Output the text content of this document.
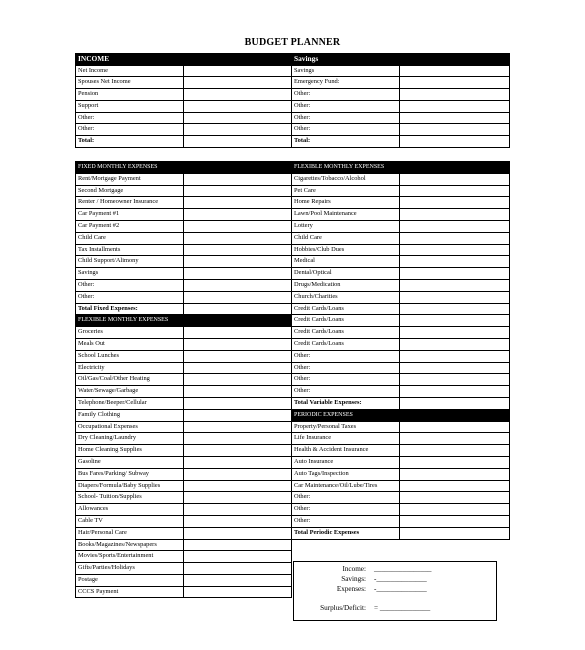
BUDGET PLANNER
INCOME		Savings	
Net Income		Savings	
Spouses Net Income		Emergency Fund:	
Pension		Other:	
Support		Other:	
Other:		Other:	
Other:		Other:	
Total:		Total:	
FIXED MONTHLY EXPENSES	
Rent/Mortgage Payment	
Second Mortgage	
Renter / Homeowner Insurance	
Car Payment #1	
Car Payment #2	
Child Care	
Tax Installments	
Child Support/Alimony	
Savings	
Other:	
Other:	
Total Fixed Expenses:	
FLEXIBLE MONTHLY EXPENSES	
Groceries	
Meals Out	
School Lunches	
Electricity	
Oil/Gas/Coal/Other Heating	
Water/Sewage/Garbage	
Telephone/Beeper/Cellular	
Family Clothing	
Occupational Expenses	
Dry Cleaning/Laundry	
Home Cleaning Supplies	
Gasoline	
Bus Fares/Parking/ Subway	
Diapers/Formula/Baby Supplies	
School- Tuition/Supplies	
Allowances	
Cable TV	
Hair/Personal Care	
Books/Magazines/Newspapers	
Movies/Sports/Entertainment	
Gifts/Parties/Holidays	
Postage	
CCCS Payment	
FLEXIBLE MONTHLY EXPENSES	
Cigarettes/Tobacco/Alcohol	
Pet Care	
Home Repairs	
Lawn/Pool Maintenance	
Lottery	
Child Care	
Hobbies/Club Dues	
Medical	
Dental/Optical	
Drugs/Medication	
Church/Charities	
Credit Cards/Loans	
Credit Cards/Loans	
Credit Cards/Loans	
Credit Cards/Loans	
Other:	
Other:	
Other:	
Other:	
Total Variable Expenses:	
PERIODIC EXPENSES	
Property/Personal Taxes	
Life Insurance	
Health & Accident Insurance	
Auto Insurance	
Auto Tags/Inspection	
Car Maintenance/Oil/Lube/Tires	
Other:	
Other:	
Other:	
Total Periodic Expenses	
Income: ________________
Savings: -______________
Expenses: -______________
Surplus/Deficit: = ______________
